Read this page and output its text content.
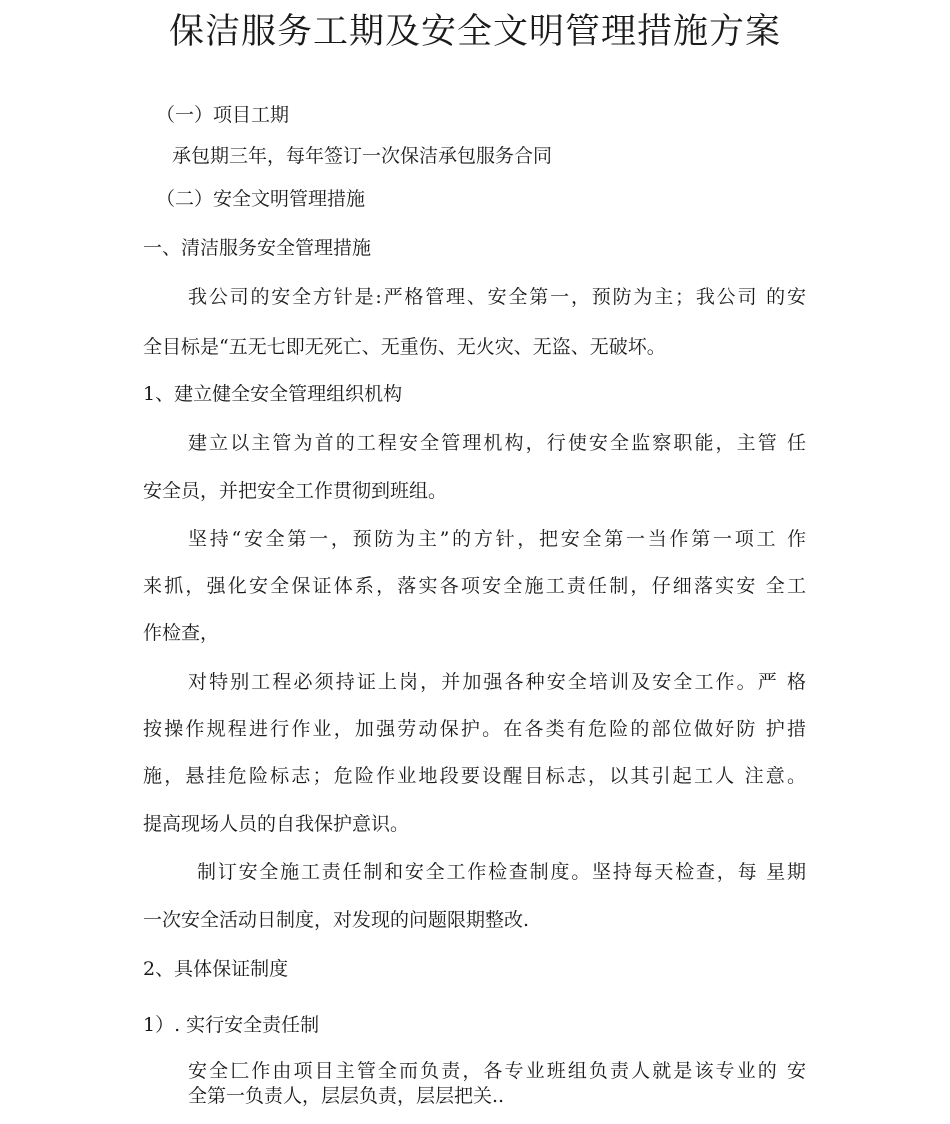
保洁服务工期及安全文明管理措施方案
（一）项目工期
承包期三年，每年签订一次保洁承包服务合同
（二）安全文明管理措施
一、清洁服务安全管理措施
我公司的安全方针是:严格管理、安全第一，预防为主；我公司 的安
全目标是“五无七即无死亡、无重伤、无火灾、无盗、无破坏。
1、建立健全安全管理组织机构
建立以主管为首的工程安全管理机构，行使安全监察职能，主管 任
安全员，并把安全工作贯彻到班组。
坚持“安全第一，预防为主”的方针，把安全第一当作第一项工 作
来抓，强化安全保证体系，落实各项安全施工责任制，仔细落实安 全工
作检查，
对特别工程必须持证上岗，并加强各种安全培训及安全工作。严 格
按操作规程进行作业，加强劳动保护。在各类有危险的部位做好防 护措
施，悬挂危险标志；危险作业地段要设醒目标志，以其引起工人 注意。
提高现场人员的自我保护意识。
制订安全施工责任制和安全工作检查制度。坚持每天检查，每 星期
一次安全活动日制度，对发现的问题限期整改.
2、具体保证制度
1）. 实行安全责任制
安全匚作由项目主管全而负责，各专业班组负责人就是该专业的 安
全第一负责人，层层负责，层层把关..
